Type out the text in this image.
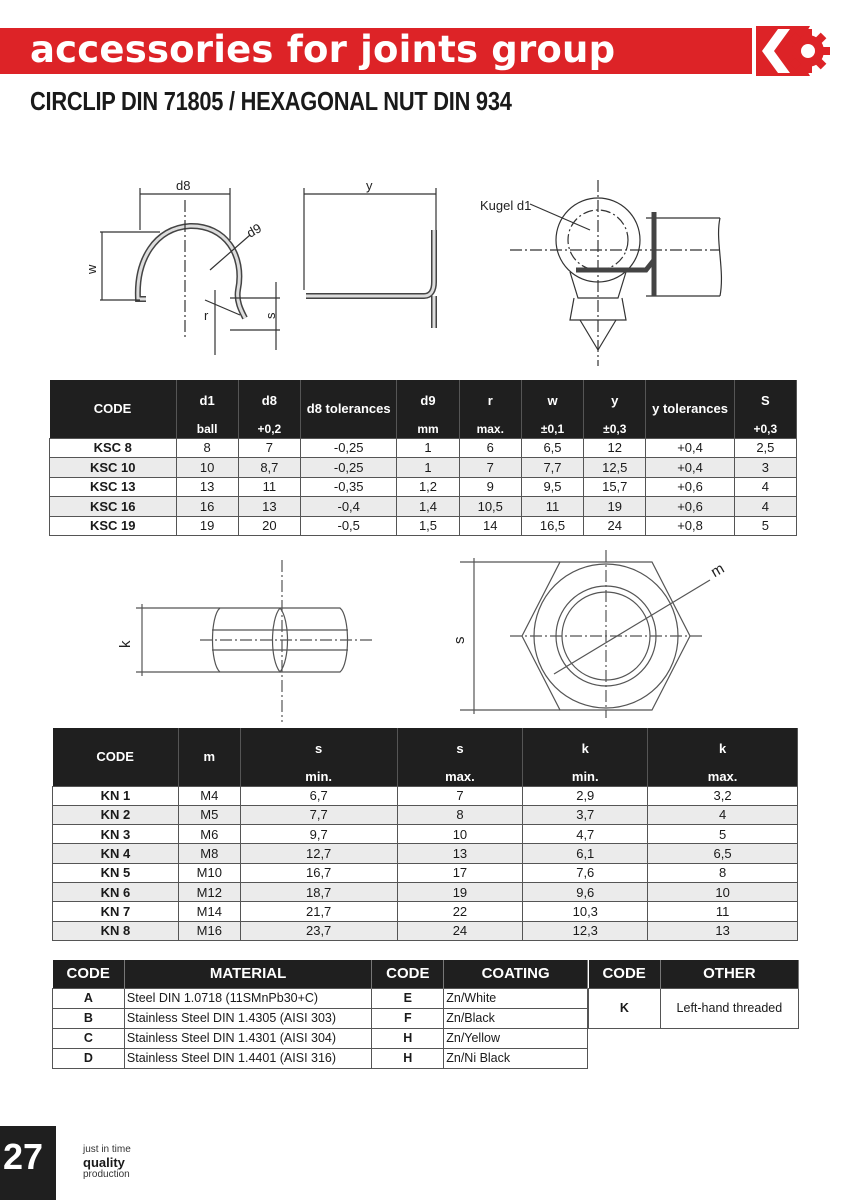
accessories for joints group
CIRCLIP DIN 71805 / HEXAGONAL NUT DIN 934
d8
d9
w
s
r
y
Kugel d1
CODE	d1	d8	d8 tolerances	d9	r	w	y	y tolerances	S
	ball	+0,2		mm	max.	±0,1	±0,3		+0,3
KSC 8	8	7	-0,25	1	6	6,5	12	+0,4	2,5
KSC 10	10	8,7	-0,25	1	7	7,7	12,5	+0,4	3
KSC 13	13	11	-0,35	1,2	9	9,5	15,7	+0,6	4
KSC 16	16	13	-0,4	1,4	10,5	11	19	+0,6	4
KSC 19	19	20	-0,5	1,5	14	16,5	24	+0,8	5
k
s
m
CODE	m	s	s	k	k
		min.	max.	min.	max.
KN 1	M4	6,7	7	2,9	3,2
KN 2	M5	7,7	8	3,7	4
KN 3	M6	9,7	10	4,7	5
KN 4	M8	12,7	13	6,1	6,5
KN 5	M10	16,7	17	7,6	8
KN 6	M12	18,7	19	9,6	10
KN 7	M14	21,7	22	10,3	11
KN 8	M16	23,7	24	12,3	13
CODE	MATERIAL	CODE	COATING
A	Steel DIN 1.0718 (11SMnPb30+C)	E	Zn/White
B	Stainless Steel DIN 1.4305 (AISI 303)	F	Zn/Black
C	Stainless Steel DIN 1.4301 (AISI 304)	H	Zn/Yellow
D	Stainless Steel DIN 1.4401 (AISI 316)	H	Zn/Ni Black
CODE	OTHER
K	Left-hand threaded
27	just in time
quality
production
